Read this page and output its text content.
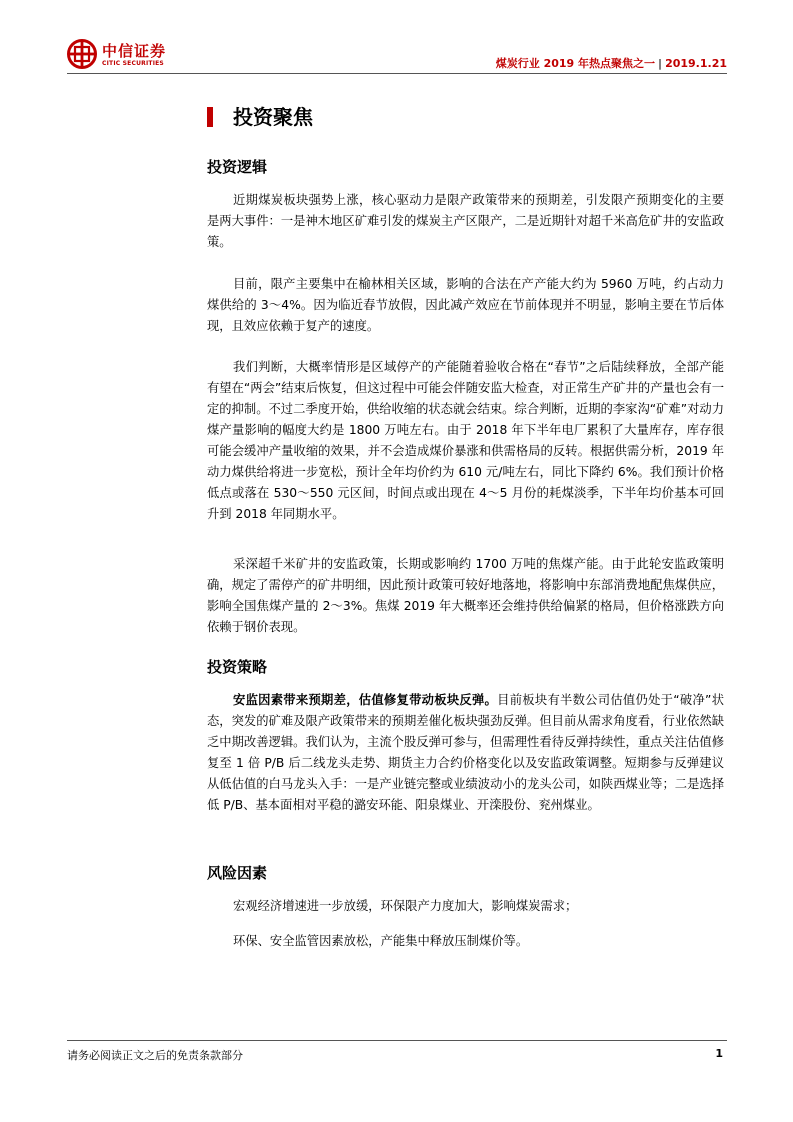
中信证券
CITIC SECURITIES	煤炭行业 2019 年热点聚焦之一 | 2019.1.21
投资聚焦
投资逻辑

近期煤炭板块强势上涨，核心驱动力是限产政策带来的预期差，引发限产预期变化的主要是两大事件：一是神木地区矿难引发的煤炭主产区限产，二是近期针对超千米高危矿井的安监政策。

目前，限产主要集中在榆林相关区域，影响的合法在产产能大约为 5960 万吨，约占动力煤供给的 3～4%。因为临近春节放假，因此减产效应在节前体现并不明显，影响主要在节后体现，且效应依赖于复产的速度。

我们判断，大概率情形是区域停产的产能随着验收合格在“春节”之后陆续释放，全部产能有望在“两会”结束后恢复，但这过程中可能会伴随安监大检查，对正常生产矿井的产量也会有一定的抑制。不过二季度开始，供给收缩的状态就会结束。综合判断，近期的李家沟“矿难”对动力煤产量影响的幅度大约是 1800 万吨左右。由于 2018 年下半年电厂累积了大量库存，库存很可能会缓冲产量收缩的效果，并不会造成煤价暴涨和供需格局的反转。根据供需分析，2019 年动力煤供给将进一步宽松，预计全年均价约为 610 元/吨左右，同比下降约 6%。我们预计价格低点或落在 530～550 元区间，时间点或出现在 4～5 月份的耗煤淡季，下半年均价基本可回升到 2018 年同期水平。

采深超千米矿井的安监政策，长期或影响约 1700 万吨的焦煤产能。由于此轮安监政策明确，规定了需停产的矿井明细，因此预计政策可较好地落地，将影响中东部消费地配焦煤供应，影响全国焦煤产量的 2～3%。焦煤 2019 年大概率还会维持供给偏紧的格局，但价格涨跌方向依赖于钢价表现。

投资策略

安监因素带来预期差，估值修复带动板块反弹。目前板块有半数公司估值仍处于“破净”状态，突发的矿难及限产政策带来的预期差催化板块强劲反弹。但目前从需求角度看，行业依然缺乏中期改善逻辑。我们认为，主流个股反弹可参与，但需理性看待反弹持续性，重点关注估值修复至 1 倍 P/B 后二线龙头走势、期货主力合约价格变化以及安监政策调整。短期参与反弹建议从低估值的白马龙头入手：一是产业链完整或业绩波动小的龙头公司，如陕西煤业等；二是选择低 P/B、基本面相对平稳的潞安环能、阳泉煤业、开滦股份、兖州煤业。

风险因素

宏观经济增速进一步放缓，环保限产力度加大，影响煤炭需求；

环保、安全监管因素放松，产能集中释放压制煤价等。

请务必阅读正文之后的免责条款部分	1
